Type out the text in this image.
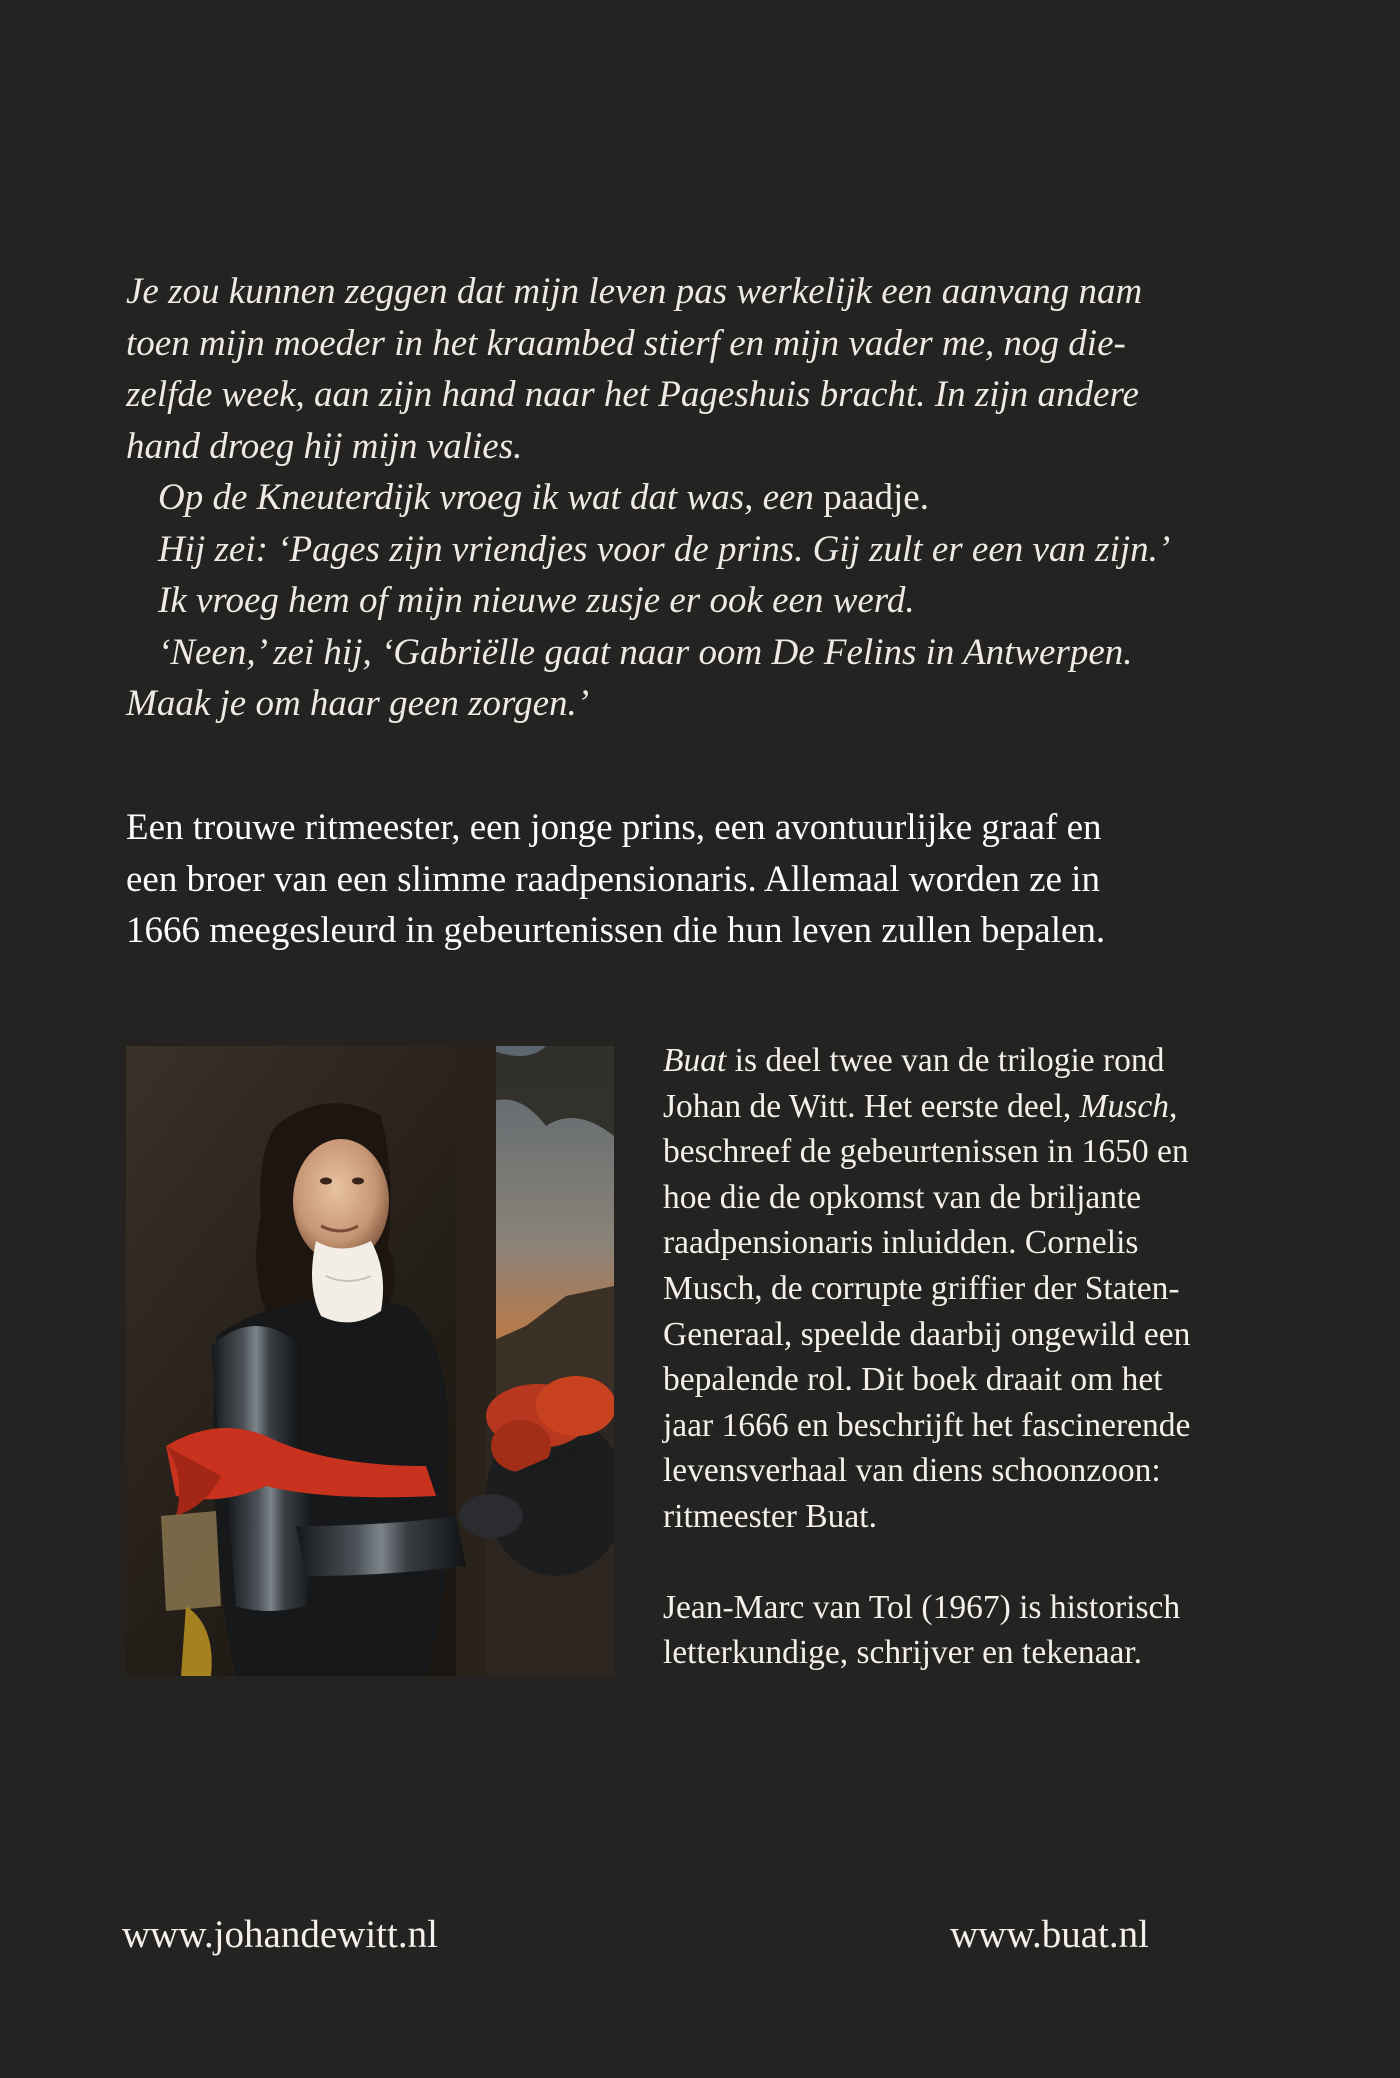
Je zou kunnen zeggen dat mijn leven pas werkelijk een aanvang nam

toen mijn moeder in het kraambed stierf en mijn vader me, nog die-

zelfde week, aan zijn hand naar het Pageshuis bracht. In zijn andere

hand droeg hij mijn valies.

Op de Kneuterdijk vroeg ik wat dat was, een paadje.

Hij zei: ‘Pages zijn vriendjes voor de prins. Gij zult er een van zijn.’

Ik vroeg hem of mijn nieuwe zusje er ook een werd.

‘Neen,’ zei hij, ‘Gabriëlle gaat naar oom De Felins in Antwerpen.

Maak je om haar geen zorgen.’

Een trouwe ritmeester, een jonge prins, een avontuurlijke graaf en

een broer van een slimme raadpensionaris. Allemaal worden ze in

1666 meegesleurd in gebeurtenissen die hun leven zullen bepalen.

Buat is deel twee van de trilogie rond

Johan de Witt. Het eerste deel, Musch,

beschreef de gebeurtenissen in 1650 en

hoe die de opkomst van de briljante

raadpensionaris inluidden. Cornelis

Musch, de corrupte griffier der Staten-

Generaal, speelde daarbij ongewild een

bepalende rol. Dit boek draait om het

jaar 1666 en beschrijft het fascinerende

levensverhaal van diens schoonzoon:

ritmeester Buat.

Jean-Marc van Tol (1967) is historisch

letterkundige, schrijver en tekenaar.

www.johandewitt.nl	www.buat.nl
